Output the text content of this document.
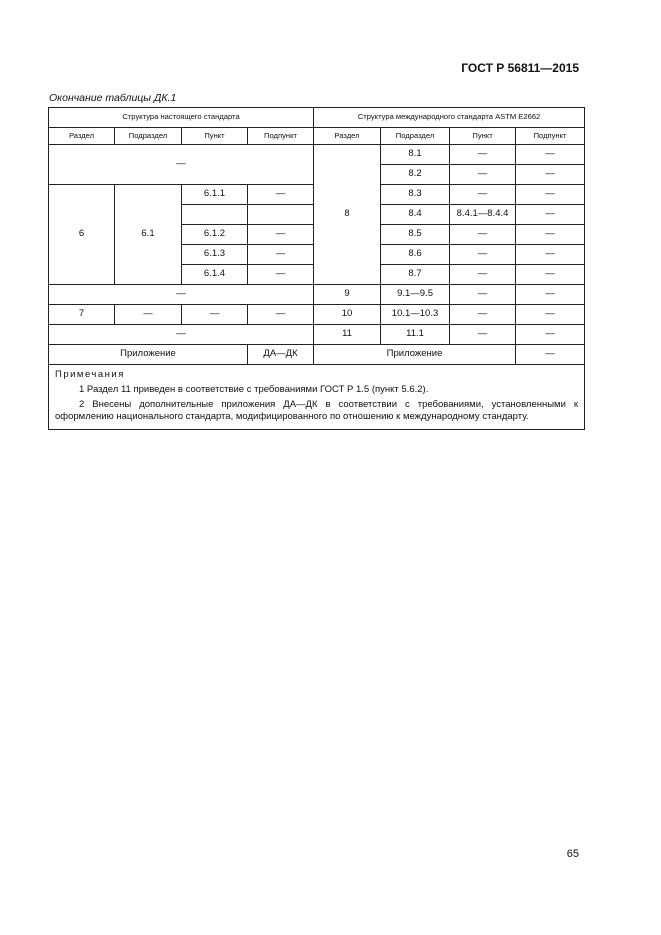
ГОСТ Р 56811—2015
Окончание таблицы ДК.1
Структура настоящего стандарта				Структура международного стандарта ASTM E2662			
Раздел	Подраздел	Пункт	Подпункт	Раздел	Подраздел	Пункт	Подпункт
—				8	8.1	—	—
					8.2	—	—
6	6.1	6.1.1	—		8.3	—	—
					8.4	8.4.1—8.4.4	—
		6.1.2	—		8.5	—	—
		6.1.3	—		8.6	—	—
		6.1.4	—		8.7	—	—
—				9	9.1—9.5	—	—
7	—	—	—	10	10.1—10.3	—	—
—				11	11.1	—	—
Приложение			ДА—ДК	Приложение			—

Примечания
1 Раздел 11 приведен в соответствие с требованиями ГОСТ Р 1.5 (пункт 5.6.2).
2 Внесены дополнительные приложения ДА—ДК в соответствии с требованиями, установленными к оформлению национального стандарта, модифицированного по отношению к международному стандарту.							
65
